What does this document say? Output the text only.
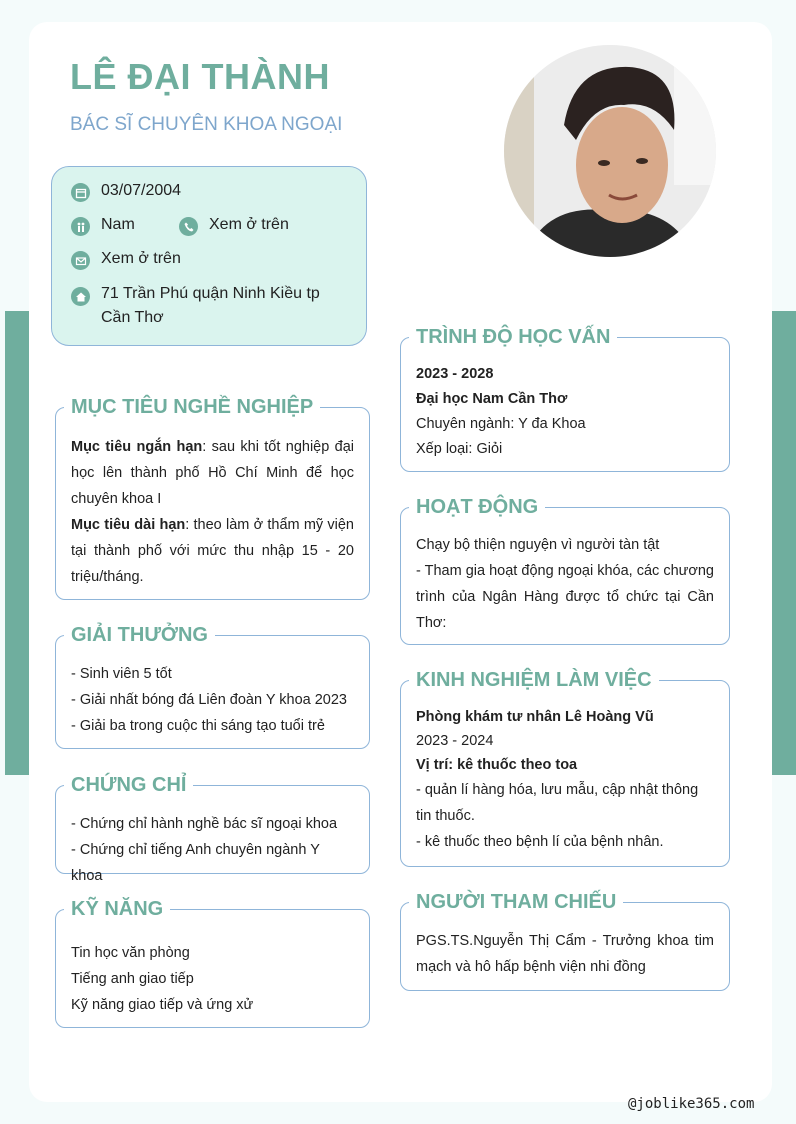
LÊ ĐẠI THÀNH
BÁC SĨ CHUYÊN KHOA NGOẠI
03/07/2004
Nam	Xem ở trên
Xem ở trên
71 Trần Phú quận Ninh Kiều tp Cần Thơ
MỤC TIÊU NGHỀ NGHIỆP
Mục tiêu ngắn hạn: sau khi tốt nghiệp đại học lên thành phố Hồ Chí Minh để học chuyên khoa I
Mục tiêu dài hạn: theo làm ở thẩm mỹ viện tại thành phố với mức thu nhập 15 - 20 triệu/tháng.
GIẢI THƯỞNG
- Sinh viên 5 tốt
- Giải nhất bóng đá Liên đoàn Y khoa 2023
- Giải ba trong cuộc thi sáng tạo tuổi trẻ
CHỨNG CHỈ
- Chứng chỉ hành nghề bác sĩ ngoại khoa
- Chứng chỉ tiếng Anh chuyên ngành Y khoa
KỸ NĂNG
Tin học văn phòng
Tiếng anh giao tiếp
Kỹ năng giao tiếp và ứng xử
TRÌNH ĐỘ HỌC VẤN
2023 - 2028
Đại học Nam Cần Thơ
Chuyên ngành: Y đa Khoa
Xếp loại: Giỏi
HOẠT ĐỘNG
Chạy bộ thiện nguyện vì người tàn tật
- Tham gia hoạt động ngoại khóa, các chương trình của Ngân Hàng được tổ chức tại Cần Thơ:
KINH NGHIỆM LÀM VIỆC
Phòng khám tư nhân Lê Hoàng Vũ
2023 - 2024
Vị trí: kê thuốc theo toa
- quản lí hàng hóa, lưu mẫu, cập nhật thông tin thuốc.
- kê thuốc theo bệnh lí của bệnh nhân.
NGƯỜI THAM CHIẾU
PGS.TS.Nguyễn Thị Cẩm - Trưởng khoa tim mạch và hô hấp bệnh viện nhi đồng
@joblike365.com
